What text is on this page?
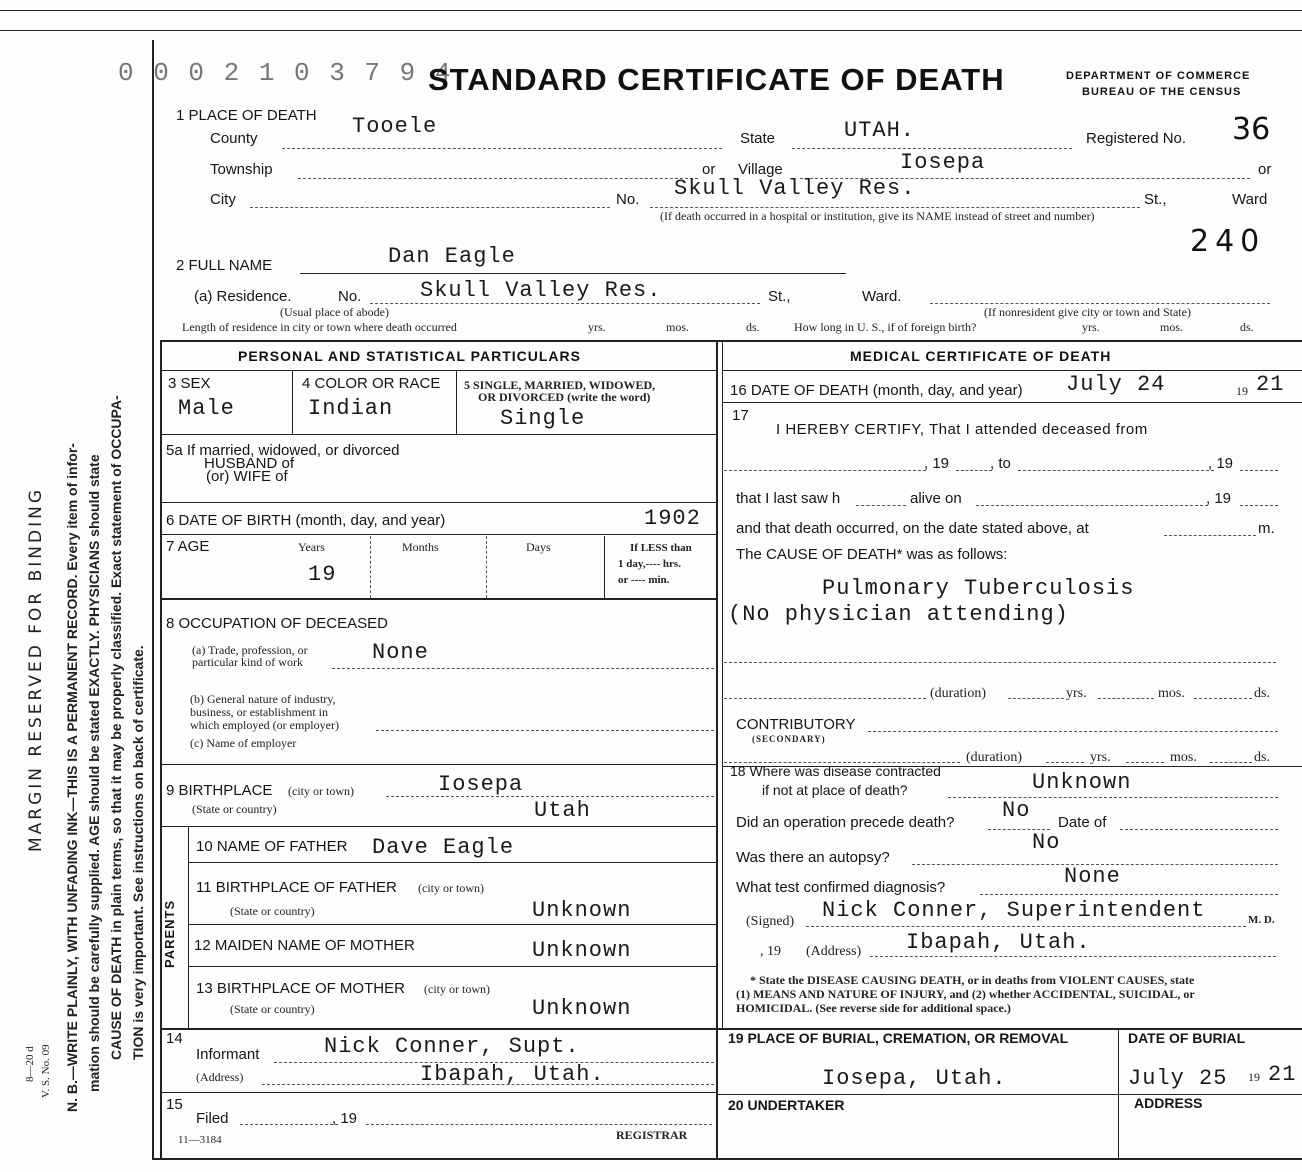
MARGIN RESERVED FOR BINDING N. B.—WRITE PLAINLY, WITH UNFADING INK—THIS IS A PERMANENT RECORD. Every item of infor- mation should be carefully supplied. AGE should be stated EXACTLY. PHYSICIANS should state CAUSE OF DEATH in plain terms, so that it may be properly classified. Exact statement of OCCUPA- TION is very important. See instructions on back of certificate.
V. S. No. 09
8—20 d
0 0 0 2 1 0 3 7 9 4
STANDARD CERTIFICATE OF DEATH	DEPARTMENT OF COMMERCE
BUREAU OF THE CENSUS
1 PLACE OF DEATH
County	Tooele	State	UTAH.	Registered No. 36
Township	or Village	Iosepa	or
City	No. Skull Valley Res.	St.,	Ward
(If death occurred in a hospital or institution, give its NAME instead of street and number)
240
2 FULL NAME	Dan Eagle
(a) Residence.	No.	Skull Valley Res.	St.,	Ward.
(Usual place of abode)	(If nonresident give city or town and State)
Length of residence in city or town where death occurred	yrs.	mos.	ds.	How long in U. S., if of foreign birth?	yrs.	mos.	ds.
PERSONAL AND STATISTICAL PARTICULARS
3 SEX
Male
4 COLOR OR RACE
Indian
5 SINGLE, MARRIED, WIDOWED,
OR DIVORCED (write the word)
Single
5a If married, widowed, or divorced
HUSBAND of
(or) WIFE of
6 DATE OF BIRTH (month, day, and year)	1902
7 AGE	Years
19
Months	Days	If LESS than
1 day,---- hrs.
or ---- min.
8 OCCUPATION OF DECEASED
(a) Trade, profession, or
particular kind of work	None
(b) General nature of industry,
business, or establishment in
which employed (or employer)
(c) Name of employer
9 BIRTHPLACE (city or town)	Iosepa
(State or country)	Utah
PARENTS
10 NAME OF FATHER Dave Eagle
11 BIRTHPLACE OF FATHER (city or town)
(State or country)	Unknown
12 MAIDEN NAME OF MOTHER	Unknown
13 BIRTHPLACE OF MOTHER (city or town)
(State or country)	Unknown
14
Informant	Nick Conner, Supt.
(Address)	Ibapah, Utah.
15
Filed	, 19
11—3184	REGISTRAR
MEDICAL CERTIFICATE OF DEATH
16 DATE OF DEATH (month, day, and year) July 24	19 21
17
I HEREBY CERTIFY, That I attended deceased from
, 19	, to	, 19
that I last saw h	alive on	, 19
and that death occurred, on the date stated above, at	m.
The CAUSE OF DEATH* was as follows:
Pulmonary Tuberculosis
(No physician attending)
(duration)	yrs.	mos.	ds.
CONTRIBUTORY
(SECONDARY)
(duration)	yrs.	mos.	ds.
18 Where was disease contracted
if not at place of death?	Unknown
Did an operation precede death? No Date of
Was there an autopsy?
No
What test confirmed diagnosis?	None
(Signed) Nick Conner, Superintendent	M. D.
, 19 (Address) Ibapah, Utah.
* State the DISEASE CAUSING DEATH, or in deaths from VIOLENT CAUSES, state
(1) MEANS AND NATURE OF INJURY, and (2) whether ACCIDENTAL, SUICIDAL, or
HOMICIDAL. (See reverse side for additional space.)
19 PLACE OF BURIAL, CREMATION, OR REMOVAL
Iosepa, Utah.
DATE OF BURIAL
July 25 19 21
20 UNDERTAKER	ADDRESS
